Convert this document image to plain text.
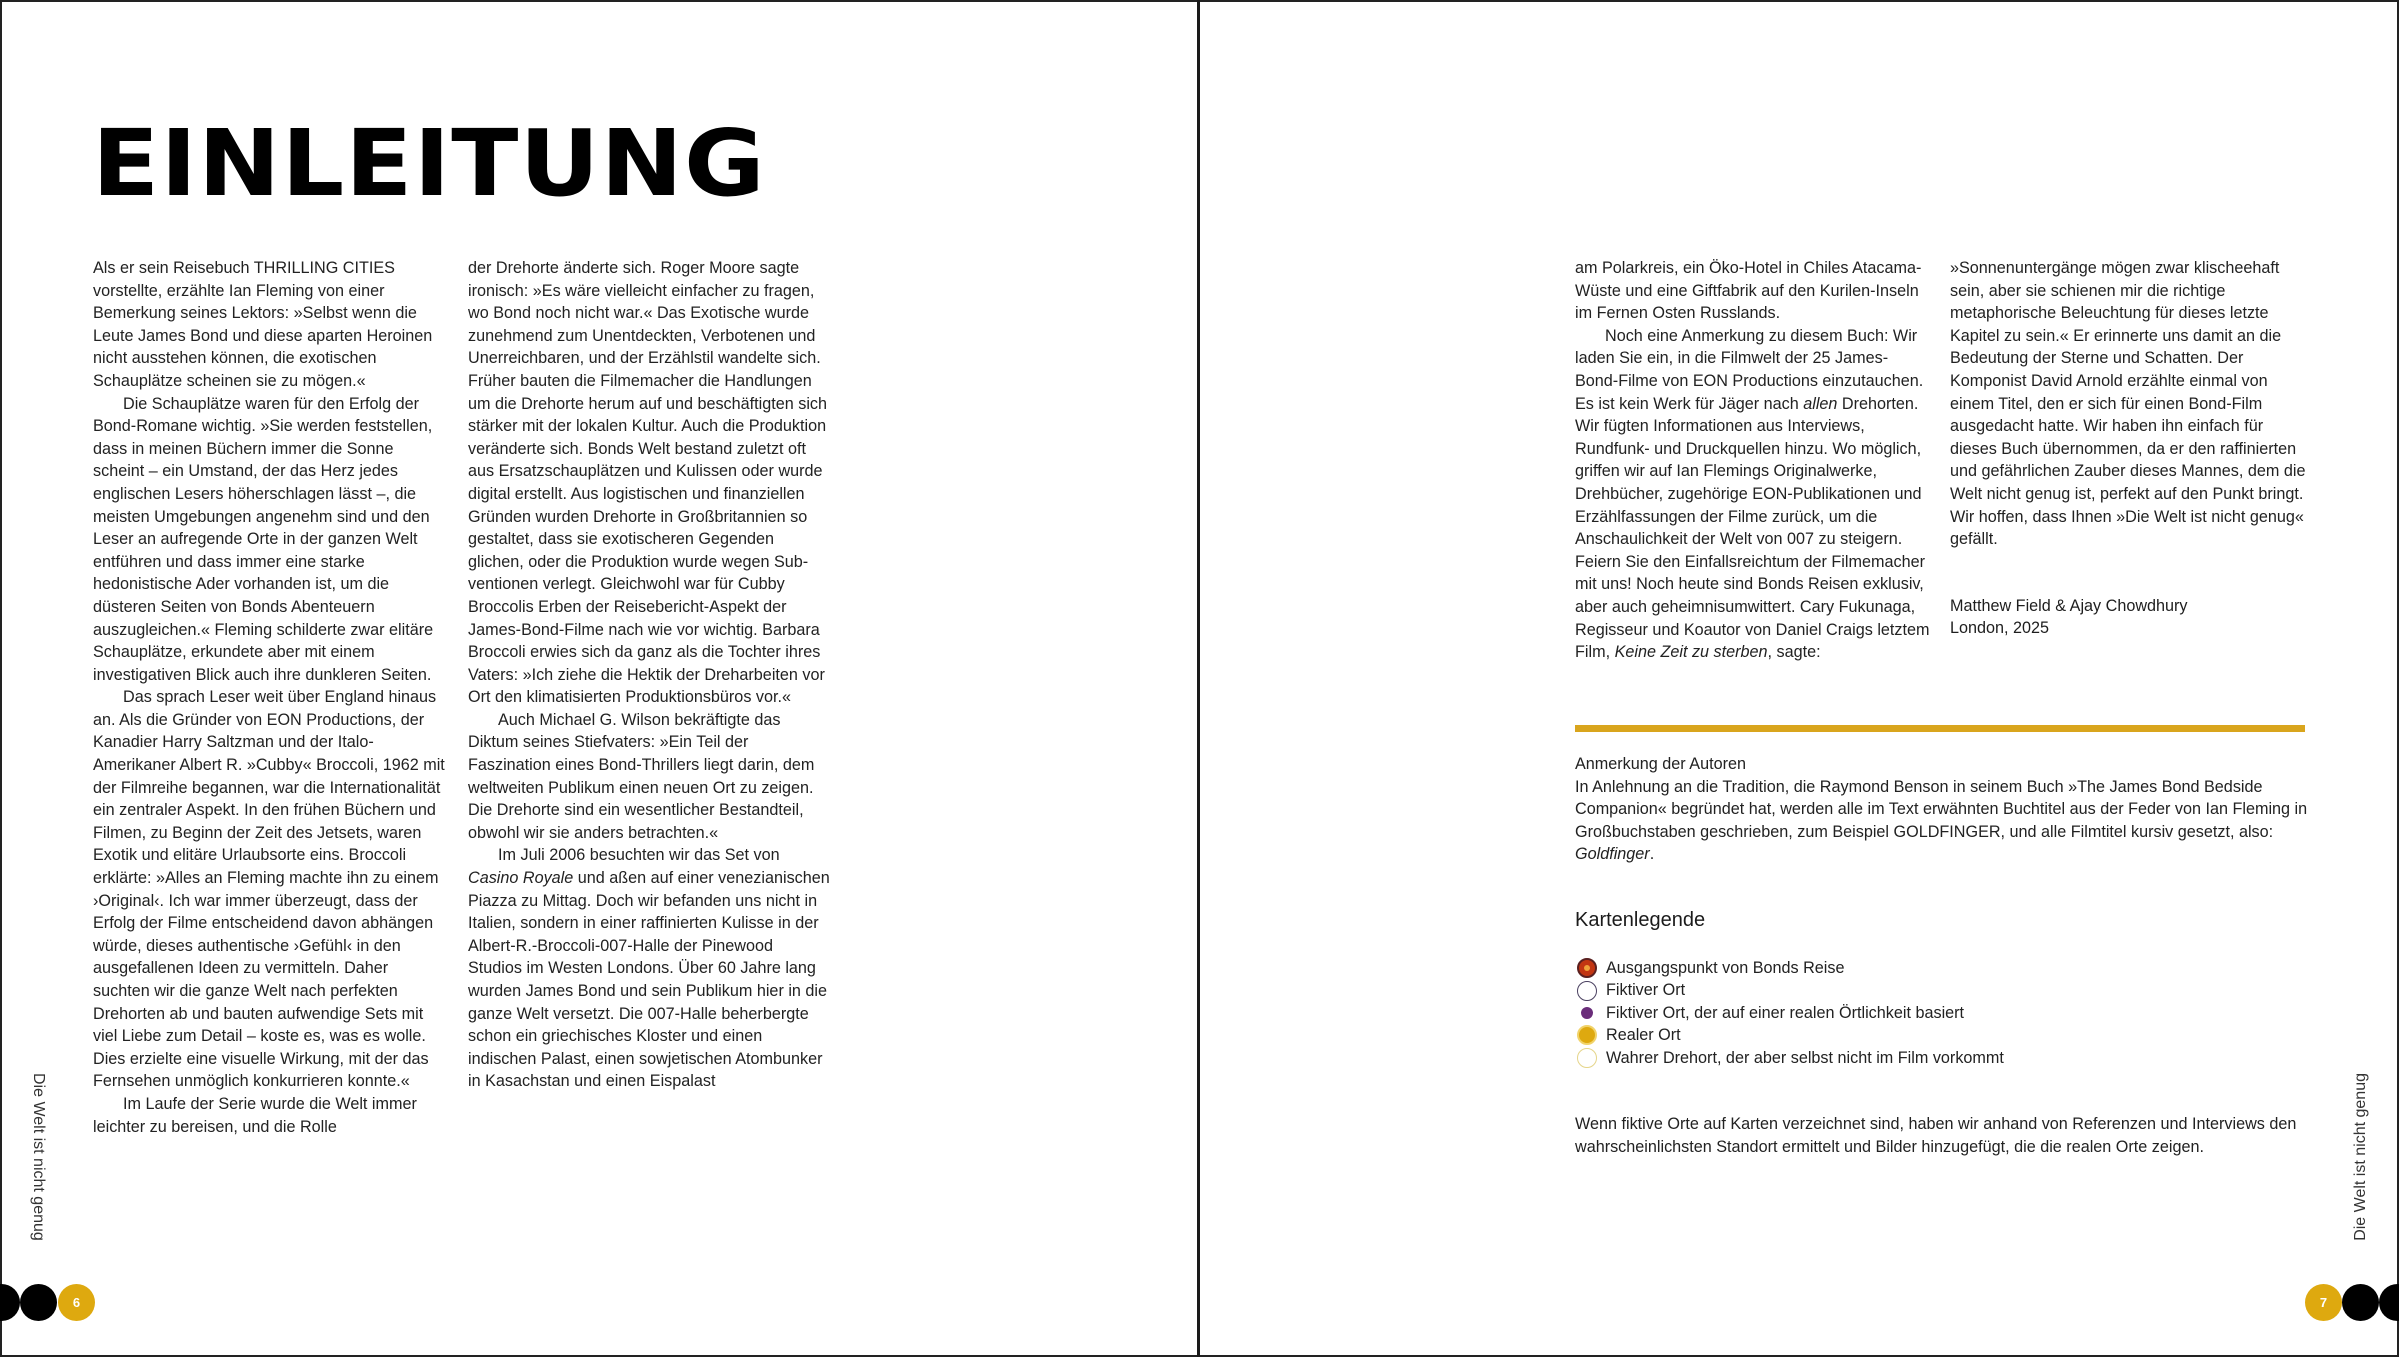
EINLEITUNG

Als er sein Reisebuch THRILLING CITIES vorstellte, erzählte Ian Fleming von einer Bemerkung seines Lektors: »Selbst wenn die Leute James Bond und diese aparten Heroinen nicht ausstehen können, die exotischen Schauplätze scheinen sie zu mögen.«

Die Schauplätze waren für den Erfolg der Bond-Romane wichtig. »Sie werden feststellen, dass in meinen Büchern immer die Sonne scheint – ein Umstand, der das Herz jedes englischen Lesers höherschlagen lässt –, die meisten Umgebungen angenehm sind und den Leser an aufregende Orte in der ganzen Welt entführen und dass immer eine starke hedonistische Ader vorhanden ist, um die düsteren Seiten von Bonds Abenteuern auszugleichen.« Fleming schilderte zwar elitäre Schauplätze, erkundete aber mit einem investigativen Blick auch ihre dunkleren Seiten.

Das sprach Leser weit über England hinaus an. Als die Gründer von EON Productions, der Kanadier Harry Saltzman und der Italo-Amerikaner Albert R. »Cubby« Broccoli, 1962 mit der Filmreihe begannen, war die Internationalität ein zentraler Aspekt. In den frühen Büchern und Filmen, zu Beginn der Zeit des Jetsets, waren Exotik und elitäre Urlaubsorte eins. Broccoli erklärte: »Alles an Fleming machte ihn zu einem ›Original‹. Ich war immer überzeugt, dass der Erfolg der Filme entscheidend davon abhängen würde, dieses authentische ›Gefühl‹ in den ausgefallenen Ideen zu vermitteln. Daher suchten wir die ganze Welt nach perfekten Drehorten ab und bauten aufwendige Sets mit viel Liebe zum Detail – koste es, was es wolle. Dies erzielte eine visuelle Wirkung, mit der das Fernsehen unmöglich konkurrieren konnte.«

Im Laufe der Serie wurde die Welt immer leichter zu bereisen, und die Rolle

der Drehorte änderte sich. Roger Moore sagte ironisch: »Es wäre vielleicht einfacher zu fragen, wo Bond noch nicht war.« Das Exotische wurde zunehmend zum Unentdeckten, Verbotenen und Unerreichbaren, und der Erzählstil wandelte sich. Früher bauten die Filmemacher die Handlungen um die Drehorte herum auf und beschäftigten sich stärker mit der lokalen Kultur. Auch die Produktion veränderte sich. Bonds Welt bestand zuletzt oft aus Ersatzschauplätzen und Kulissen oder wurde digital erstellt. Aus logistischen und finanziellen Gründen wurden Drehorte in Großbritannien so gestaltet, dass sie exotischeren Gegenden glichen, oder die Produktion wurde wegen Subventionen verlegt. Gleichwohl war für Cubby Broccolis Erben der Reisebericht-Aspekt der James-Bond-Filme nach wie vor wichtig. Barbara Broccoli erwies sich da ganz als die Tochter ihres Vaters: »Ich ziehe die Hektik der Dreharbeiten vor Ort den klimatisierten Produktionsbüros vor.«

Auch Michael G. Wilson bekräftigte das Diktum seines Stiefvaters: »Ein Teil der Faszination eines Bond-Thrillers liegt darin, dem weltweiten Publikum einen neuen Ort zu zeigen. Die Drehorte sind ein wesentlicher Bestandteil, obwohl wir sie anders betrachten.«

Im Juli 2006 besuchten wir das Set von Casino Royale und aßen auf einer venezianischen Piazza zu Mittag. Doch wir befanden uns nicht in Italien, sondern in einer raffinierten Kulisse in der Albert-R.-Broccoli-007-Halle der Pinewood Studios im Westen Londons. Über 60 Jahre lang wurden James Bond und sein Publikum hier in die ganze Welt versetzt. Die 007-Halle beherbergte schon ein griechisches Kloster und einen indischen Palast, einen sowjetischen Atombunker in Kasachstan und einen Eispalast

am Polarkreis, ein Öko-Hotel in Chiles Atacama-Wüste und eine Giftfabrik auf den Kurilen-Inseln im Fernen Osten Russlands.

Noch eine Anmerkung zu diesem Buch: Wir laden Sie ein, in die Filmwelt der 25 James-Bond-Filme von EON Productions einzutauchen. Es ist kein Werk für Jäger nach allen Drehorten. Wir fügten Informationen aus Interviews, Rundfunk- und Druckquellen hinzu. Wo möglich, griffen wir auf Ian Flemings Originalwerke, Drehbücher, zugehörige EON-Publikationen und Erzählfassungen der Filme zurück, um die Anschaulichkeit der Welt von 007 zu steigern. Feiern Sie den Einfallsreichtum der Filmemacher mit uns! Noch heute sind Bonds Reisen exklusiv, aber auch geheimnisumwittert. Cary Fukunaga, Regisseur und Koautor von Daniel Craigs letztem Film, Keine Zeit zu sterben, sagte:

»Sonnenuntergänge mögen zwar klischeehaft sein, aber sie schienen mir die richtige metaphorische Beleuchtung für dieses letzte Kapitel zu sein.« Er erinnerte uns damit an die Bedeutung der Sterne und Schatten. Der Komponist David Arnold erzählte einmal von einem Titel, den er sich für einen Bond-Film ausgedacht hatte. Wir haben ihn einfach für dieses Buch übernommen, da er den raffinierten und gefährlichen Zauber dieses Mannes, dem die Welt nicht genug ist, perfekt auf den Punkt bringt. Wir hoffen, dass Ihnen »Die Welt ist nicht genug« gefällt.

Matthew Field & Ajay Chowdhury
London, 2025

Anmerkung der Autoren
In Anlehnung an die Tradition, die Raymond Benson in seinem Buch »The James Bond Bedside Companion« begründet hat, werden alle im Text erwähnten Buchtitel aus der Feder von Ian Fleming in Großbuchstaben geschrieben, zum Beispiel GOLDFINGER, und alle Filmtitel kursiv gesetzt, also: Goldfinger.
Kartenlegende
Ausgangspunkt von Bonds Reise
Fiktiver Ort
Fiktiver Ort, der auf einer realen Örtlichkeit basiert
Realer Ort
Wahrer Drehort, der aber selbst nicht im Film vorkommt
Wenn fiktive Orte auf Karten verzeichnet sind, haben wir anhand von Referenzen und Interviews den wahrscheinlichsten Standort ermittelt und Bilder hinzugefügt, die die realen Orte zeigen.
Die Welt ist nicht genug	Die Welt ist nicht genug
6	7
